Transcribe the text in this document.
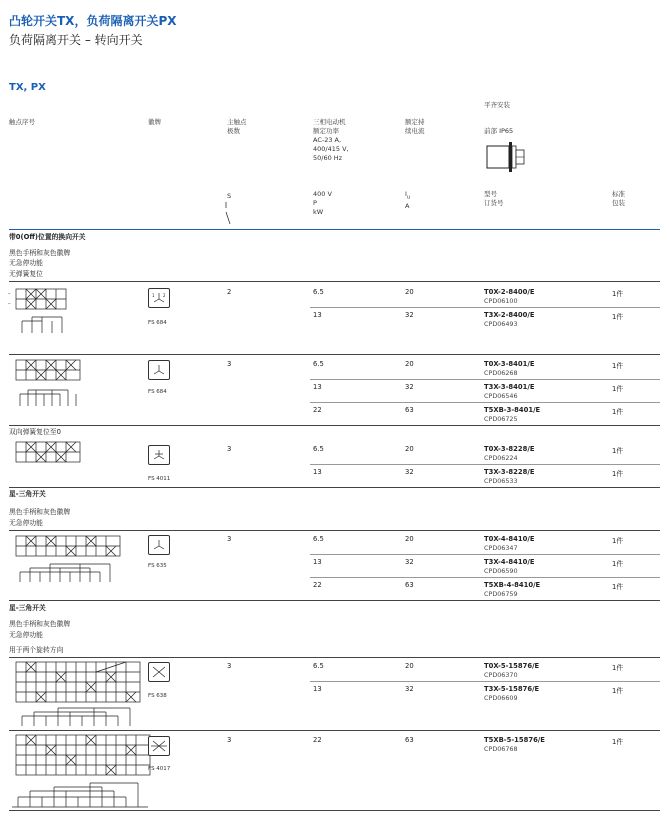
凸轮开关TX，负荷隔离开关PX
负荷隔离开关 – 转向开关
TX, PX
触点序号	徽牌	主触点
极数
三相电动机
额定功率
AC-23 A,
400/415 V,
50/60 Hz
额定持
续电流
平齐安装
前部 IP65
S	400 V
P
kW
$I_u$
A
型号
订货号
标准
包装
带0(Off)位置的换向开关
黑色手柄和灰色徽牌
无急停功能
无弹簧复位
–
–
1 2
FS 684
2	6.5	20	T0X-2-8400/E
CPD06100
1件
13	32	T3X-2-8400/E
CPD06493
1件
FS 684
3	6.5	20	T0X-3-8401/E
CPD06268
1件
13	32	T3X-3-8401/E
CPD06546
1件
22	63	T5XB-3-8401/E
CPD06725
1件
双向弹簧复位至0
FS 4011
3	6.5	20	T0X-3-8228/E
CPD06224
1件
13	32	T3X-3-8228/E
CPD06533
1件
星-三角开关
黑色手柄和灰色徽牌
无急停功能
FS 635
3	6.5	20	T0X-4-8410/E
CPD06347
1件
13	32	T3X-4-8410/E
CPD06590
1件
22	63	T5XB-4-8410/E
CPD06759
1件
星-三角开关
黑色手柄和灰色徽牌
无急停功能
用于两个旋转方向
FS 638
3	6.5	20	T0X-5-15876/E
CPD06370
1件
13	32	T3X-5-15876/E
CPD06609
1件
FS 4017
3	22	63	T5XB-5-15876/E
CPD06768
1件
